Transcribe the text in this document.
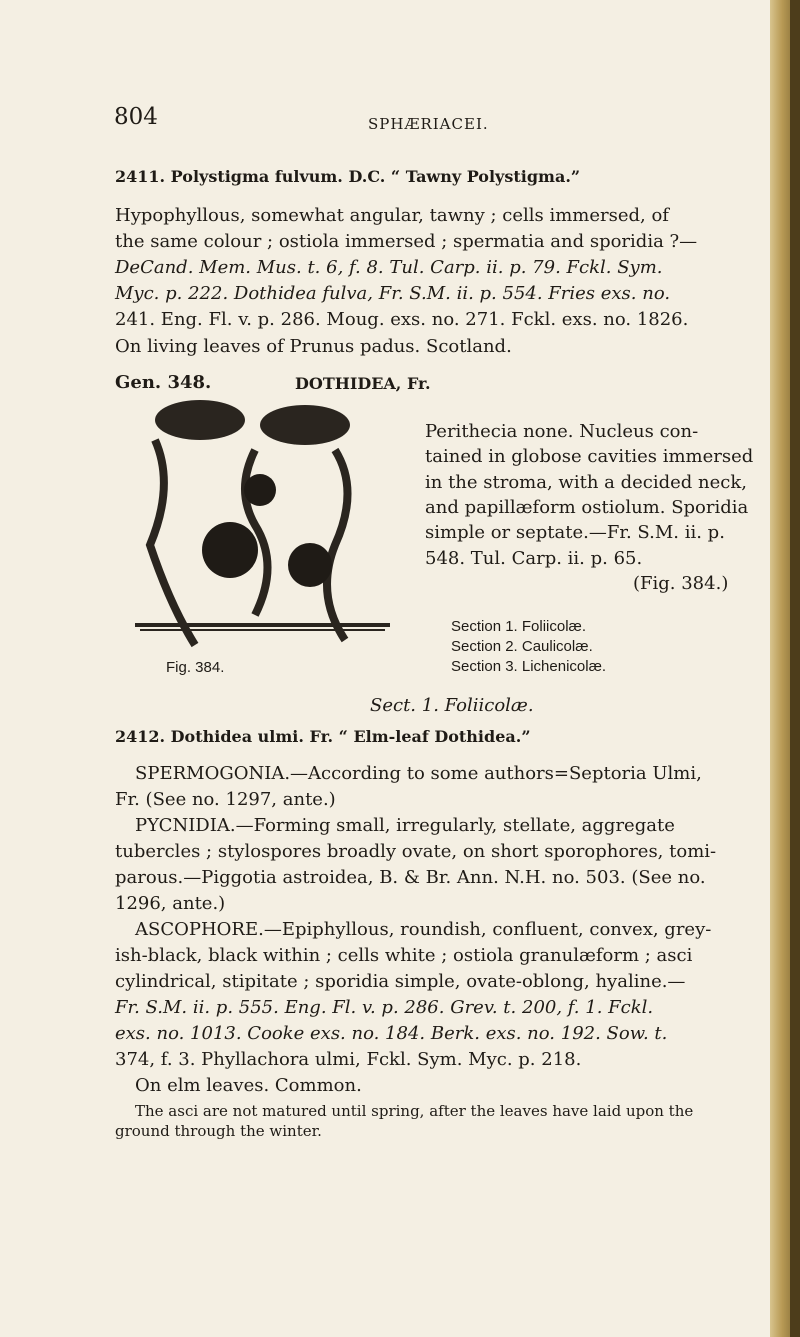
804	SPHÆRIACEI.
2411. Polystigma fulvum. D.C. “ Tawny Polystigma.”
Hypophyllous, somewhat angular, tawny ; cells immersed, of
the same colour ; ostiola immersed ; spermatia and sporidia ?—
DeCand. Mem. Mus. t. 6, f. 8. Tul. Carp. ii. p. 79. Fckl. Sym.
Myc. p. 222. Dothidea fulva, Fr. S.M. ii. p. 554. Fries exs. no.
241. Eng. Fl. v. p. 286. Moug. exs. no. 271. Fckl. exs. no. 1826.
On living leaves of Prunus padus. Scotland.
Gen. 348.	DOTHIDEA, Fr.
Fig. 384.
Perithecia none. Nucleus con-
tained in globose cavities immersed
in the stroma, with a decided neck,
and papillæform ostiolum. Sporidia
simple or septate.—Fr. S.M. ii. p.
548. Tul. Carp. ii. p. 65.
(Fig. 384.)
Section 1. Foliicolæ.
Section 2. Caulicolæ.
Section 3. Lichenicolæ.
Sect. 1. Foliicolæ.
2412. Dothidea ulmi. Fr. “ Elm-leaf Dothidea.”
SPERMOGONIA.—According to some authors=Septoria Ulmi,
Fr. (See no. 1297, ante.)
PYCNIDIA.—Forming small, irregularly, stellate, aggregate
tubercles ; stylospores broadly ovate, on short sporophores, tomi-
parous.—Piggotia astroidea, B. & Br. Ann. N.H. no. 503. (See no.
1296, ante.)
ASCOPHORE.—Epiphyllous, roundish, confluent, convex, grey-
ish-black, black within ; cells white ; ostiola granulæform ; asci
cylindrical, stipitate ; sporidia simple, ovate-oblong, hyaline.—
Fr. S.M. ii. p. 555. Eng. Fl. v. p. 286. Grev. t. 200, f. 1. Fckl.
exs. no. 1013. Cooke exs. no. 184. Berk. exs. no. 192. Sow. t.
374, f. 3. Phyllachora ulmi, Fckl. Sym. Myc. p. 218.
On elm leaves. Common.
The asci are not matured until spring, after the leaves have laid upon the
ground through the winter.
